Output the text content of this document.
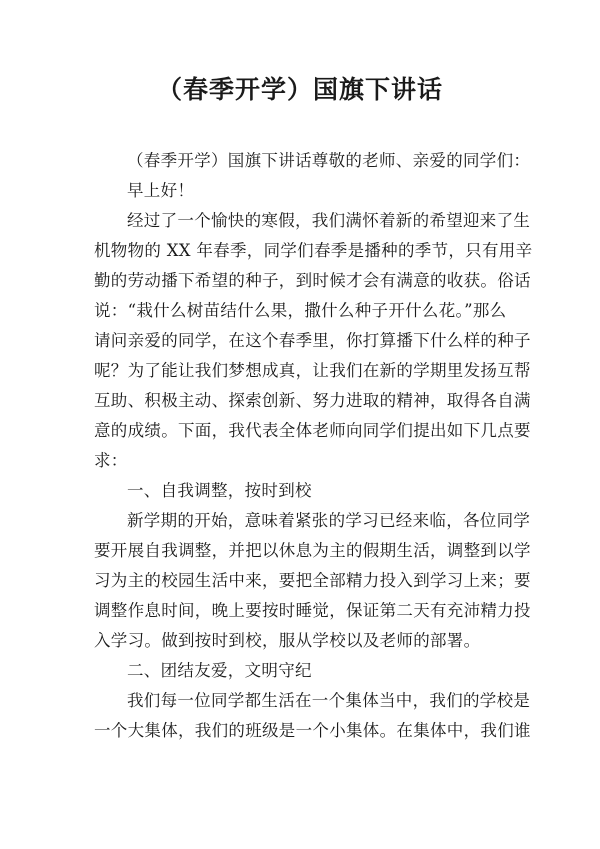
（春季开学）国旗下讲话
（春季开学）国旗下讲话尊敬的老师、亲爱的同学们：
早上好！
经过了一个愉快的寒假，我们满怀着新的希望迎来了生
机物物的 XX 年春季，同学们春季是播种的季节，只有用辛
勤的劳动播下希望的种子，到时候才会有满意的收获。俗话
说：“栽什么树苗结什么果，撒什么种子开什么花。”那么
请问亲爱的同学，在这个春季里，你打算播下什么样的种子
呢？为了能让我们梦想成真，让我们在新的学期里发扬互帮
互助、积极主动、探索创新、努力进取的精神，取得各自满
意的成绩。下面，我代表全体老师向同学们提出如下几点要
求：
一、自我调整，按时到校
新学期的开始，意味着紧张的学习已经来临，各位同学
要开展自我调整，并把以休息为主的假期生活，调整到以学
习为主的校园生活中来，要把全部精力投入到学习上来；要
调整作息时间，晚上要按时睡觉，保证第二天有充沛精力投
入学习。做到按时到校，服从学校以及老师的部署。
二、团结友爱，文明守纪
我们每一位同学都生活在一个集体当中，我们的学校是
一个大集体，我们的班级是一个小集体。在集体中，我们谁
